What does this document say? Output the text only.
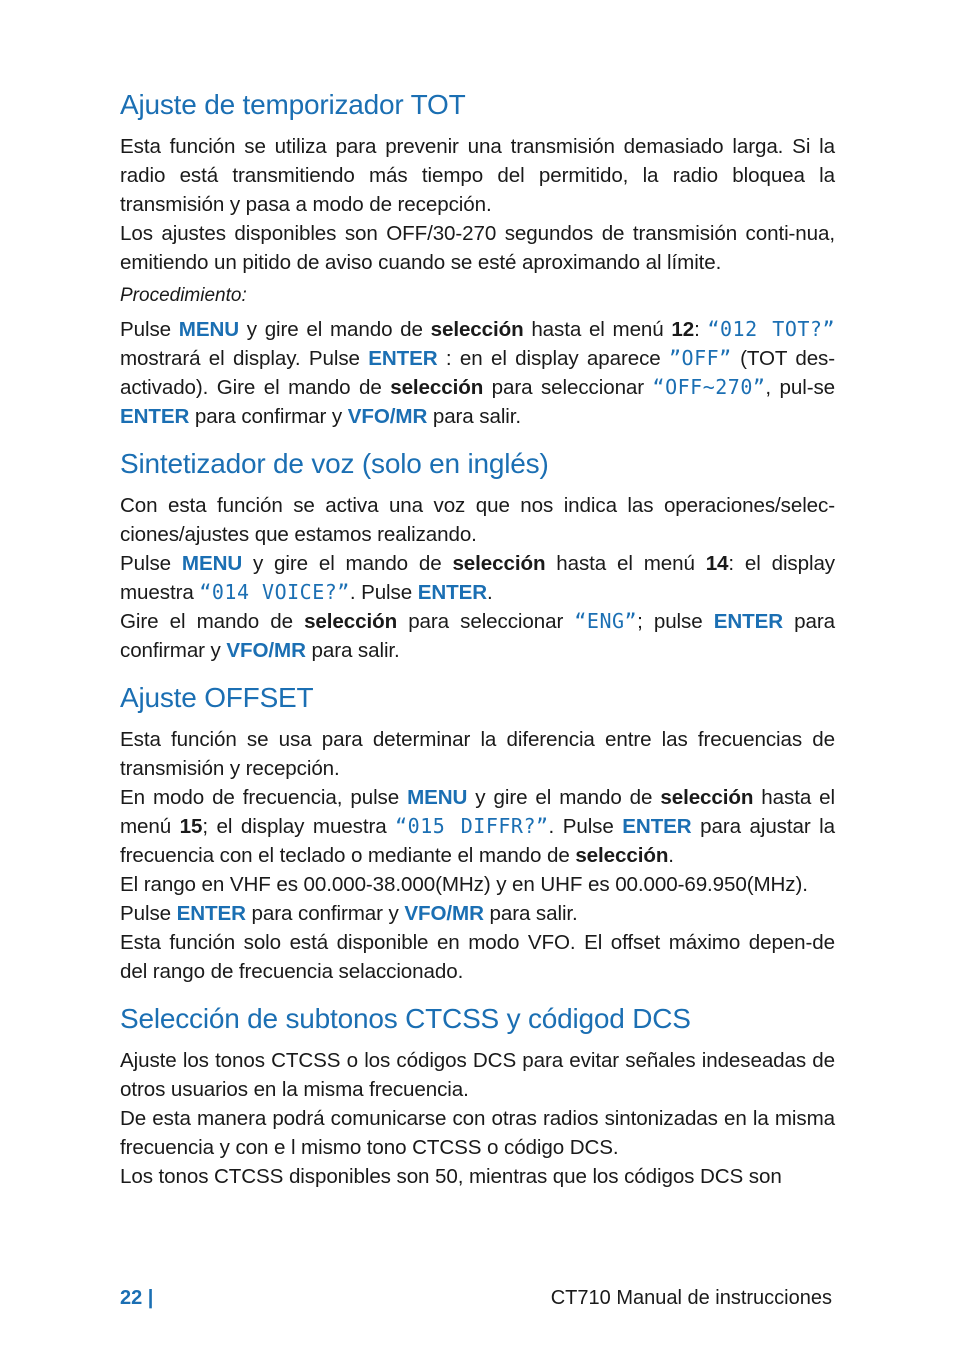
Ajuste de temporizador TOT

Esta función se utiliza para prevenir una transmisión demasiado larga. Si la radio está transmitiendo más tiempo del permitido, la radio bloquea la transmisión y pasa a modo de recepción.

Los ajustes disponibles son OFF/30-270 segundos de transmisión conti-nua, emitiendo un pitido de aviso cuando se esté aproximando al límite.

Procedimiento:

Pulse MENU y gire el mando de selección hasta el menú 12: “012 TOT?” mostrará el display. Pulse ENTER : en el display aparece ”OFF” (TOT des-activado). Gire el mando de selección para seleccionar “OFF~270”, pul-se ENTER para confirmar y VFO/MR para salir.

Sintetizador de voz (solo en inglés)

Con esta función se activa una voz que nos indica las operaciones/selec-ciones/ajustes que estamos realizando.

Pulse MENU y gire el mando de selección hasta el menú 14: el display muestra “014 VOICE?”. Pulse ENTER.

Gire el mando de selección para seleccionar “ENG”; pulse ENTER para confirmar y VFO/MR para salir.

Ajuste OFFSET

Esta función se usa para determinar la diferencia entre las frecuencias de transmisión y recepción.

En modo de frecuencia, pulse MENU y gire el mando de selección hasta el menú 15; el display muestra “015 DIFFR?”. Pulse ENTER para ajustar la frecuencia con el teclado o mediante el mando de selección.

El rango en VHF es 00.000-38.000(MHz) y en UHF es 00.000-69.950(MHz).

Pulse ENTER para confirmar y VFO/MR para salir.

Esta función solo está disponible en modo VFO. El offset máximo depen-de del rango de frecuencia selaccionado.

Selección de subtonos CTCSS y códigod DCS

Ajuste los tonos CTCSS o los códigos DCS para evitar señales indeseadas de otros usuarios en la misma frecuencia.

De esta manera podrá comunicarse con otras radios sintonizadas en la misma frecuencia y con e l mismo tono CTCSS o código DCS.

Los tonos CTCSS disponibles son 50, mientras que los códigos DCS son

22 |	CT710 Manual de instrucciones
